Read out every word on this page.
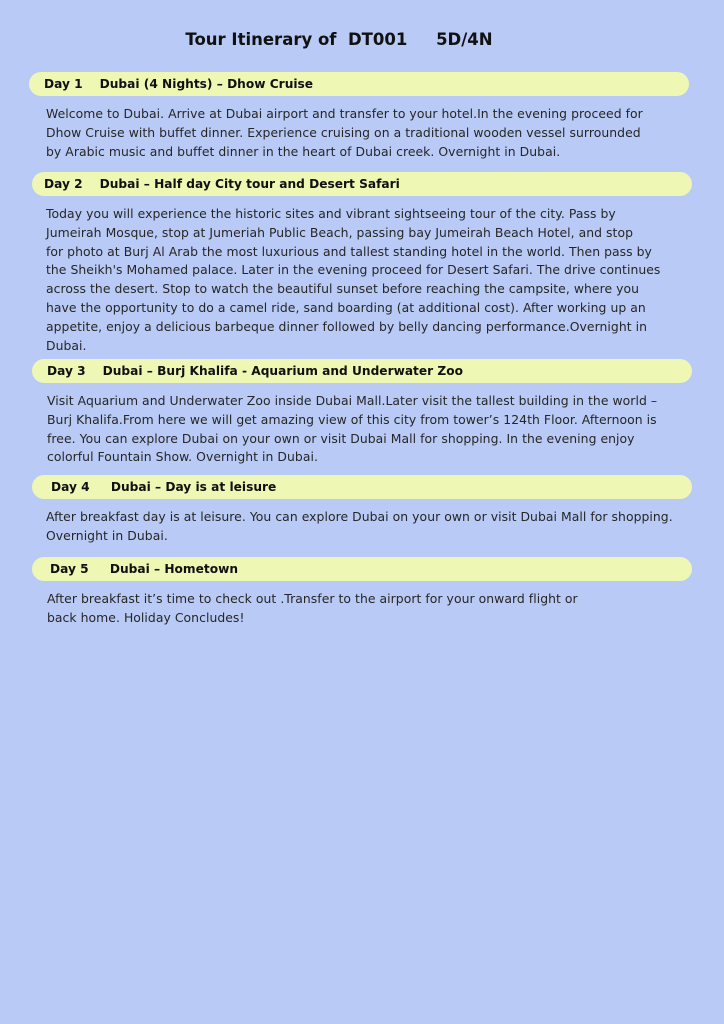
Tour Itinerary of  DT001     5D/4N
Day 1    Dubai (4 Nights) – Dhow Cruise
Welcome to Dubai. Arrive at Dubai airport and transfer to your hotel.In the evening proceed for
Dhow Cruise with buffet dinner. Experience cruising on a traditional wooden vessel surrounded
by Arabic music and buffet dinner in the heart of Dubai creek. Overnight in Dubai.
Day 2    Dubai – Half day City tour and Desert Safari
Today you will experience the historic sites and vibrant sightseeing tour of the city. Pass by
Jumeirah Mosque, stop at Jumeriah Public Beach, passing bay Jumeirah Beach Hotel, and stop
for photo at Burj Al Arab the most luxurious and tallest standing hotel in the world. Then pass by
the Sheikh's Mohamed palace. Later in the evening proceed for Desert Safari. The drive continues
across the desert. Stop to watch the beautiful sunset before reaching the campsite, where you
have the opportunity to do a camel ride, sand boarding (at additional cost). After working up an
appetite, enjoy a delicious barbeque dinner followed by belly dancing performance.Overnight in
Dubai.
Day 3    Dubai – Burj Khalifa - Aquarium and Underwater Zoo
Visit Aquarium and Underwater Zoo inside Dubai Mall.Later visit the tallest building in the world –
Burj Khalifa.From here we will get amazing view of this city from tower’s 124th Floor. Afternoon is
free. You can explore Dubai on your own or visit Dubai Mall for shopping. In the evening enjoy
colorful Fountain Show. Overnight in Dubai.
Day 4     Dubai – Day is at leisure
After breakfast day is at leisure. You can explore Dubai on your own or visit Dubai Mall for shopping.
Overnight in Dubai.
Day 5     Dubai – Hometown
After breakfast it’s time to check out .Transfer to the airport for your onward flight or
back home. Holiday Concludes!
